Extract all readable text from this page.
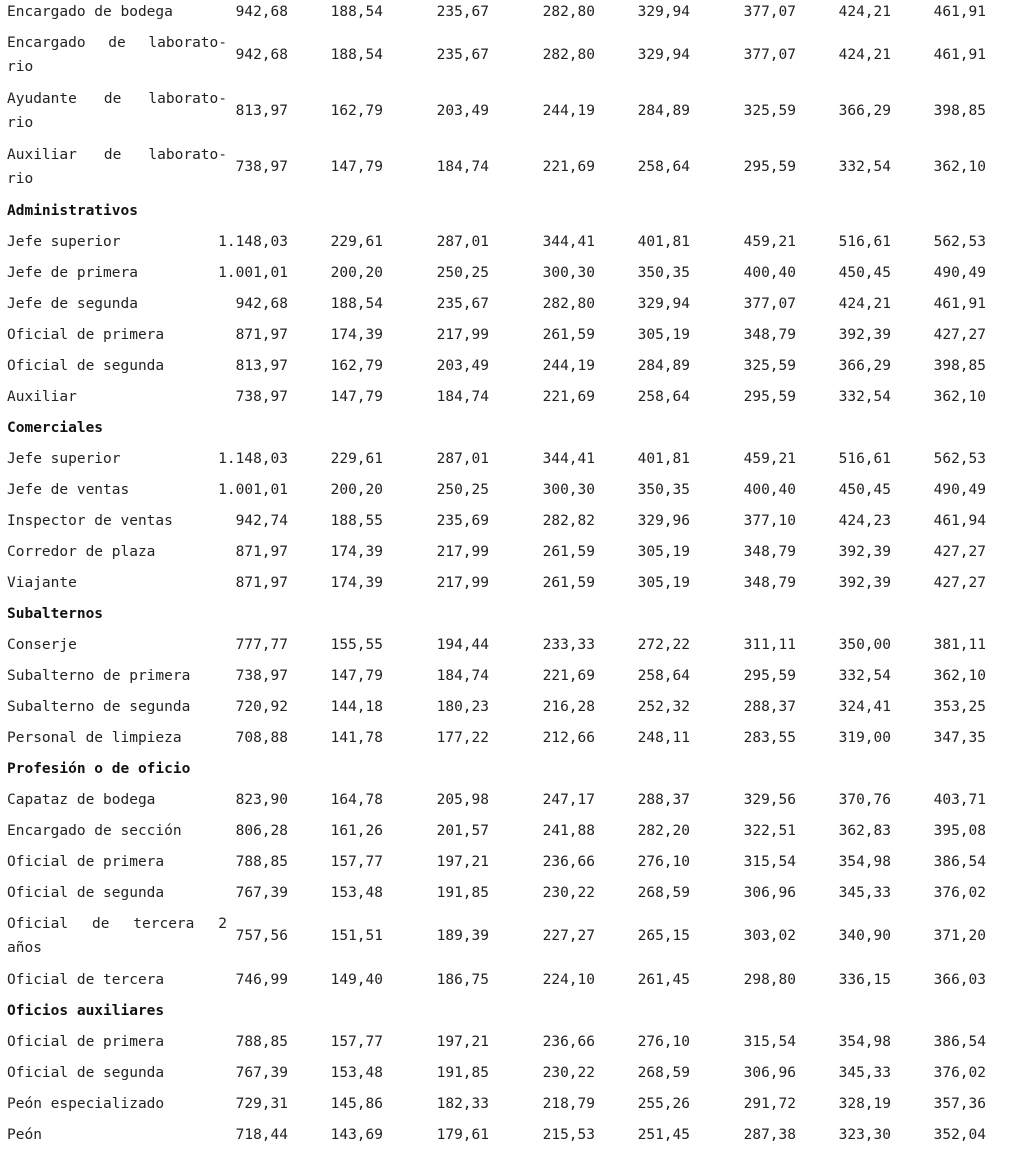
Encargado de bodega	942,68	188,54	235,67	282,80	329,94	377,07	424,21	461,91
Encargado de laborato-
rio
942,68	188,54	235,67	282,80	329,94	377,07	424,21	461,91
Ayudante de laborato-
rio
813,97	162,79	203,49	244,19	284,89	325,59	366,29	398,85
Auxiliar de laborato-
rio
738,97	147,79	184,74	221,69	258,64	295,59	332,54	362,10
Administrativos
Jefe superior	1.148,03	229,61	287,01	344,41	401,81	459,21	516,61	562,53
Jefe de primera	1.001,01	200,20	250,25	300,30	350,35	400,40	450,45	490,49
Jefe de segunda	942,68	188,54	235,67	282,80	329,94	377,07	424,21	461,91
Oficial de primera	871,97	174,39	217,99	261,59	305,19	348,79	392,39	427,27
Oficial de segunda	813,97	162,79	203,49	244,19	284,89	325,59	366,29	398,85
Auxiliar	738,97	147,79	184,74	221,69	258,64	295,59	332,54	362,10
Comerciales
Jefe superior	1.148,03	229,61	287,01	344,41	401,81	459,21	516,61	562,53
Jefe de ventas	1.001,01	200,20	250,25	300,30	350,35	400,40	450,45	490,49
Inspector de ventas	942,74	188,55	235,69	282,82	329,96	377,10	424,23	461,94
Corredor de plaza	871,97	174,39	217,99	261,59	305,19	348,79	392,39	427,27
Viajante	871,97	174,39	217,99	261,59	305,19	348,79	392,39	427,27
Subalternos
Conserje	777,77	155,55	194,44	233,33	272,22	311,11	350,00	381,11
Subalterno de primera	738,97	147,79	184,74	221,69	258,64	295,59	332,54	362,10
Subalterno de segunda	720,92	144,18	180,23	216,28	252,32	288,37	324,41	353,25
Personal de limpieza	708,88	141,78	177,22	212,66	248,11	283,55	319,00	347,35
Profesión o de oficio
Capataz de bodega	823,90	164,78	205,98	247,17	288,37	329,56	370,76	403,71
Encargado de sección	806,28	161,26	201,57	241,88	282,20	322,51	362,83	395,08
Oficial de primera	788,85	157,77	197,21	236,66	276,10	315,54	354,98	386,54
Oficial de segunda	767,39	153,48	191,85	230,22	268,59	306,96	345,33	376,02
Oficial de tercera 2
años
757,56	151,51	189,39	227,27	265,15	303,02	340,90	371,20
Oficial de tercera	746,99	149,40	186,75	224,10	261,45	298,80	336,15	366,03
Oficios auxiliares
Oficial de primera	788,85	157,77	197,21	236,66	276,10	315,54	354,98	386,54
Oficial de segunda	767,39	153,48	191,85	230,22	268,59	306,96	345,33	376,02
Peón especializado	729,31	145,86	182,33	218,79	255,26	291,72	328,19	357,36
Peón	718,44	143,69	179,61	215,53	251,45	287,38	323,30	352,04
